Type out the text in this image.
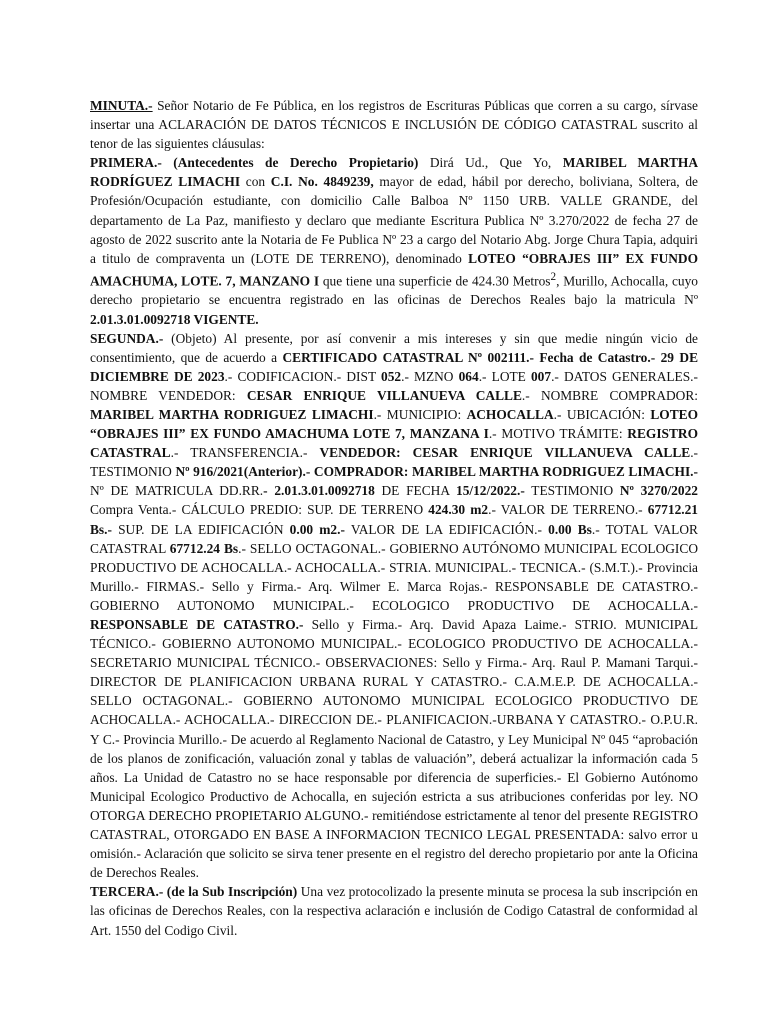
MINUTA.- Señor Notario de Fe Pública, en los registros de Escrituras Públicas que corren a su cargo, sírvase insertar una ACLARACIÓN DE DATOS TÉCNICOS E INCLUSIÓN DE CÓDIGO CATASTRAL suscrito al tenor de las siguientes cláusulas:

PRIMERA.- (Antecedentes de Derecho Propietario) Dirá Ud., Que Yo, MARIBEL MARTHA RODRÍGUEZ LIMACHI con C.I. No. 4849239, mayor de edad, hábil por derecho, boliviana, Soltera, de Profesión/Ocupación estudiante, con domicilio Calle Balboa Nº 1150 URB. VALLE GRANDE, del departamento de La Paz, manifiesto y declaro que mediante Escritura Publica Nº 3.270/2022 de fecha 27 de agosto de 2022 suscrito ante la Notaria de Fe Publica Nº 23 a cargo del Notario Abg. Jorge Chura Tapia, adquiri a titulo de compraventa un (LOTE DE TERRENO), denominado LOTEO “OBRAJES III” EX FUNDO AMACHUMA, LOTE. 7, MANZANO I que tiene una superficie de 424.30 Metros$^2$, Murillo, Achocalla, cuyo derecho propietario se encuentra registrado en las oficinas de Derechos Reales bajo la matricula Nº 2.01.3.01.0092718 VIGENTE.

SEGUNDA.- (Objeto) Al presente, por así convenir a mis intereses y sin que medie ningún vicio de consentimiento, que de acuerdo a CERTIFICADO CATASTRAL Nº 002111.- Fecha de Catastro.- 29 DE DICIEMBRE DE 2023.- CODIFICACION.- DIST 052.- MZNO 064.- LOTE 007.- DATOS GENERALES.- NOMBRE VENDEDOR: CESAR ENRIQUE VILLANUEVA CALLE.- NOMBRE COMPRADOR: MARIBEL MARTHA RODRIGUEZ LIMACHI.- MUNICIPIO: ACHOCALLA.- UBICACIÓN: LOTEO “OBRAJES III” EX FUNDO AMACHUMA LOTE 7, MANZANA I.- MOTIVO TRÁMITE: REGISTRO CATASTRAL.- TRANSFERENCIA.- VENDEDOR: CESAR ENRIQUE VILLANUEVA CALLE.- TESTIMONIO Nº 916/2021(Anterior).- COMPRADOR: MARIBEL MARTHA RODRIGUEZ LIMACHI.- Nº DE MATRICULA DD.RR.- 2.01.3.01.0092718 DE FECHA 15/12/2022.- TESTIMONIO Nº 3270/2022 Compra Venta.- CÁLCULO PREDIO: SUP. DE TERRENO 424.30 m2.- VALOR DE TERRENO.- 67712.21 Bs.- SUP. DE LA EDIFICACIÓN 0.00 m2.- VALOR DE LA EDIFICACIÓN.- 0.00 Bs.- TOTAL VALOR CATASTRAL 67712.24 Bs.- SELLO OCTAGONAL.- GOBIERNO AUTÓNOMO MUNICIPAL ECOLOGICO PRODUCTIVO DE ACHOCALLA.- ACHOCALLA.- STRIA. MUNICIPAL.- TECNICA.- (S.M.T.).- Provincia Murillo.- FIRMAS.- Sello y Firma.- Arq. Wilmer E. Marca Rojas.- RESPONSABLE DE CATASTRO.- GOBIERNO AUTONOMO MUNICIPAL.- ECOLOGICO PRODUCTIVO DE ACHOCALLA.- RESPONSABLE DE CATASTRO.- Sello y Firma.- Arq. David Apaza Laime.- STRIO. MUNICIPAL TÉCNICO.- GOBIERNO AUTONOMO MUNICIPAL.- ECOLOGICO PRODUCTIVO DE ACHOCALLA.- SECRETARIO MUNICIPAL TÉCNICO.- OBSERVACIONES: Sello y Firma.- Arq. Raul P. Mamani Tarqui.- DIRECTOR DE PLANIFICACION URBANA RURAL Y CATASTRO.- C.A.M.E.P. DE ACHOCALLA.- SELLO OCTAGONAL.- GOBIERNO AUTONOMO MUNICIPAL ECOLOGICO PRODUCTIVO DE ACHOCALLA.- ACHOCALLA.- DIRECCION DE.- PLANIFICACION.-URBANA Y CATASTRO.- O.P.U.R. Y C.- Provincia Murillo.- De acuerdo al Reglamento Nacional de Catastro, y Ley Municipal Nº 045 “aprobación de los planos de zonificación, valuación zonal y tablas de valuación”, deberá actualizar la información cada 5 años. La Unidad de Catastro no se hace responsable por diferencia de superficies.- El Gobierno Autónomo Municipal Ecologico Productivo de Achocalla, en sujeción estricta a sus atribuciones conferidas por ley. NO OTORGA DERECHO PROPIETARIO ALGUNO.- remitiéndose estrictamente al tenor del presente REGISTRO CATASTRAL, OTORGADO EN BASE A INFORMACION TECNICO LEGAL PRESENTADA: salvo error u omisión.- Aclaración que solicito se sirva tener presente en el registro del derecho propietario por ante la Oficina de Derechos Reales.

TERCERA.- (de la Sub Inscripción) Una vez protocolizado la presente minuta se procesa la sub inscripción en las oficinas de Derechos Reales, con la respectiva aclaración e inclusión de Codigo Catastral de conformidad al Art. 1550 del Codigo Civil.
